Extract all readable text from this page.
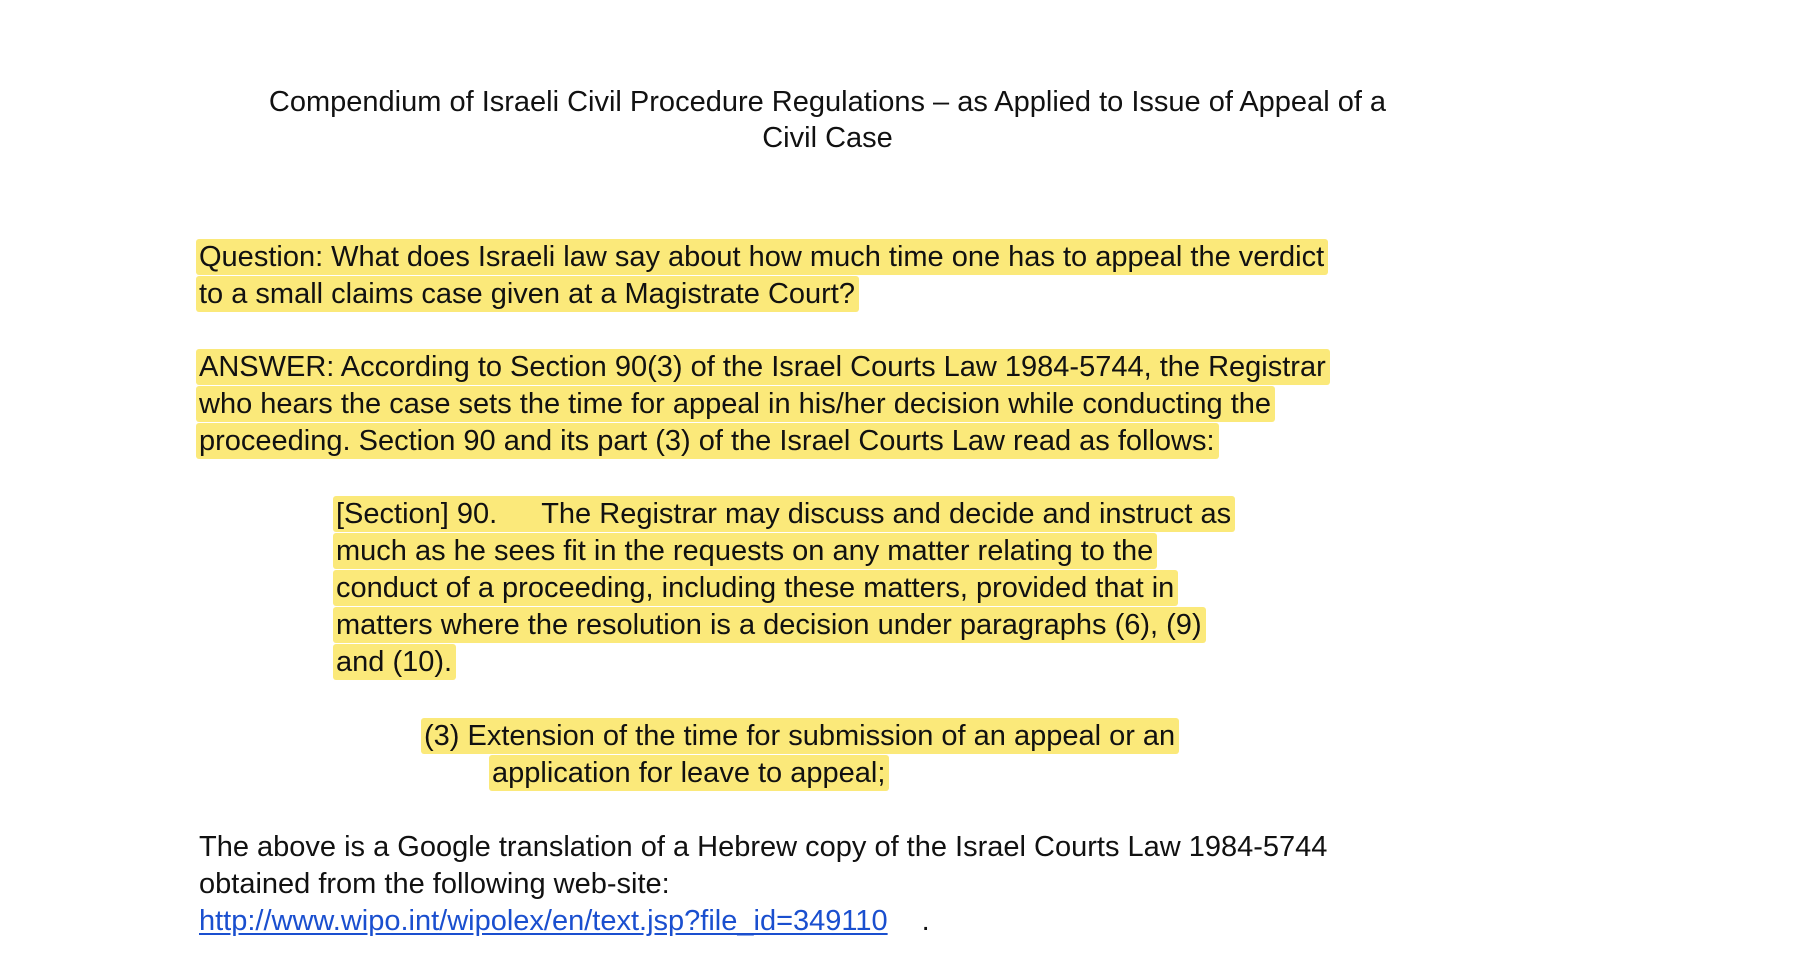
Compendium of Israeli Civil Procedure Regulations – as Applied to Issue of Appeal of a
Civil Case
Question: What does Israeli law say about how much time one has to appeal the verdict
to a small claims case given at a Magistrate Court?
ANSWER: According to Section 90(3) of the Israel Courts Law 1984-5744, the Registrar
who hears the case sets the time for appeal in his/her decision while conducting the
proceeding. Section 90 and its part (3) of the Israel Courts Law read as follows:
[Section] 90. The Registrar may discuss and decide and instruct as
much as he sees fit in the requests on any matter relating to the
conduct of a proceeding, including these matters, provided that in
matters where the resolution is a decision under paragraphs (6), (9)
and (10).
(3) Extension of the time for submission of an appeal or an
application for leave to appeal;
The above is a Google translation of a Hebrew copy of the Israel Courts Law 1984-5744
obtained from the following web-site:
http://www.wipo.int/wipolex/en/text.jsp?file_id=349110 .
